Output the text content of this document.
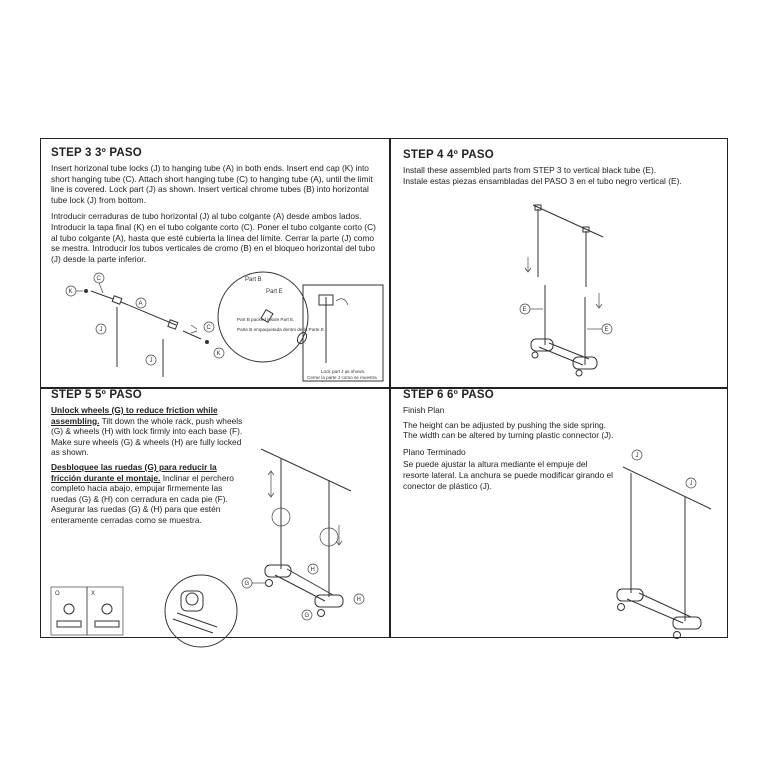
STEP 3 3º PASO

Insert horizonal tube locks (J) to hanging tube (A) in both ends. Insert end cap (K) into short hanging tube (C). Attach short hanging tube (C) to hanging tube (A), until the limit line is covered. Lock part (J) as shown. Insert vertical chrome tubes (B) into horizontal tube lock (J) from bottom.

Introducir cerraduras de tubo horizontal (J) al tubo colgante (A) desde ambos lados. Introducir la tapa final (K) en el tubo colgante corto (C). Poner el tubo colgante corto (C) al tubo colgante (A), hasta que esté cubierta la línea del límite. Cerrar la parte (J) como se mestra. Introducir los tubos verticales de cromo (B) en el bloqueo horizontal del tubo (J) desde la parte inferior.

K
C
A
J
J
C
K
Part B
Part E
Part B packed inside Part E.
Parte B empaquetada dentro de la Parte E.
Lock part J as shown.
Cerrar la parte J como se muestra
STEP 4 4º PASO

Install these assembled parts from STEP 3 to vertical black tube (E).

Instale estas piezas ensambladas del PASO 3 en el tubo negro vertical (E).

E
E
STEP 5 5º PASO

Unlock wheels (G) to reduce friction while assembling. Tilt down the whole rack, push wheels (G) & wheels (H) with lock firmly into each base (F). Make sure wheels (G) & wheels (H) are fully locked as shown.

Desbloquee las ruedas (G) para reducir la fricción durante el montaje. Inclinar el perchero completo hacia abajo, empujar firmemente las ruedas (G) & (H) con cerradura en cada pie (F). Asegurar las ruedas (G) & (H) para que estén enteramente cerradas como se muestra.

H
G
H
G
O	X
STEP 6 6º PASO

Finish Plan

The height can be adjusted by pushing the side spring.

The width can be altered by turning plastic connector (J).

Plano Terminado

Se puede ajustar la altura mediante el empuje del resorte lateral. La anchura se puede modificar girando el conector de plástico (J).

J
J
